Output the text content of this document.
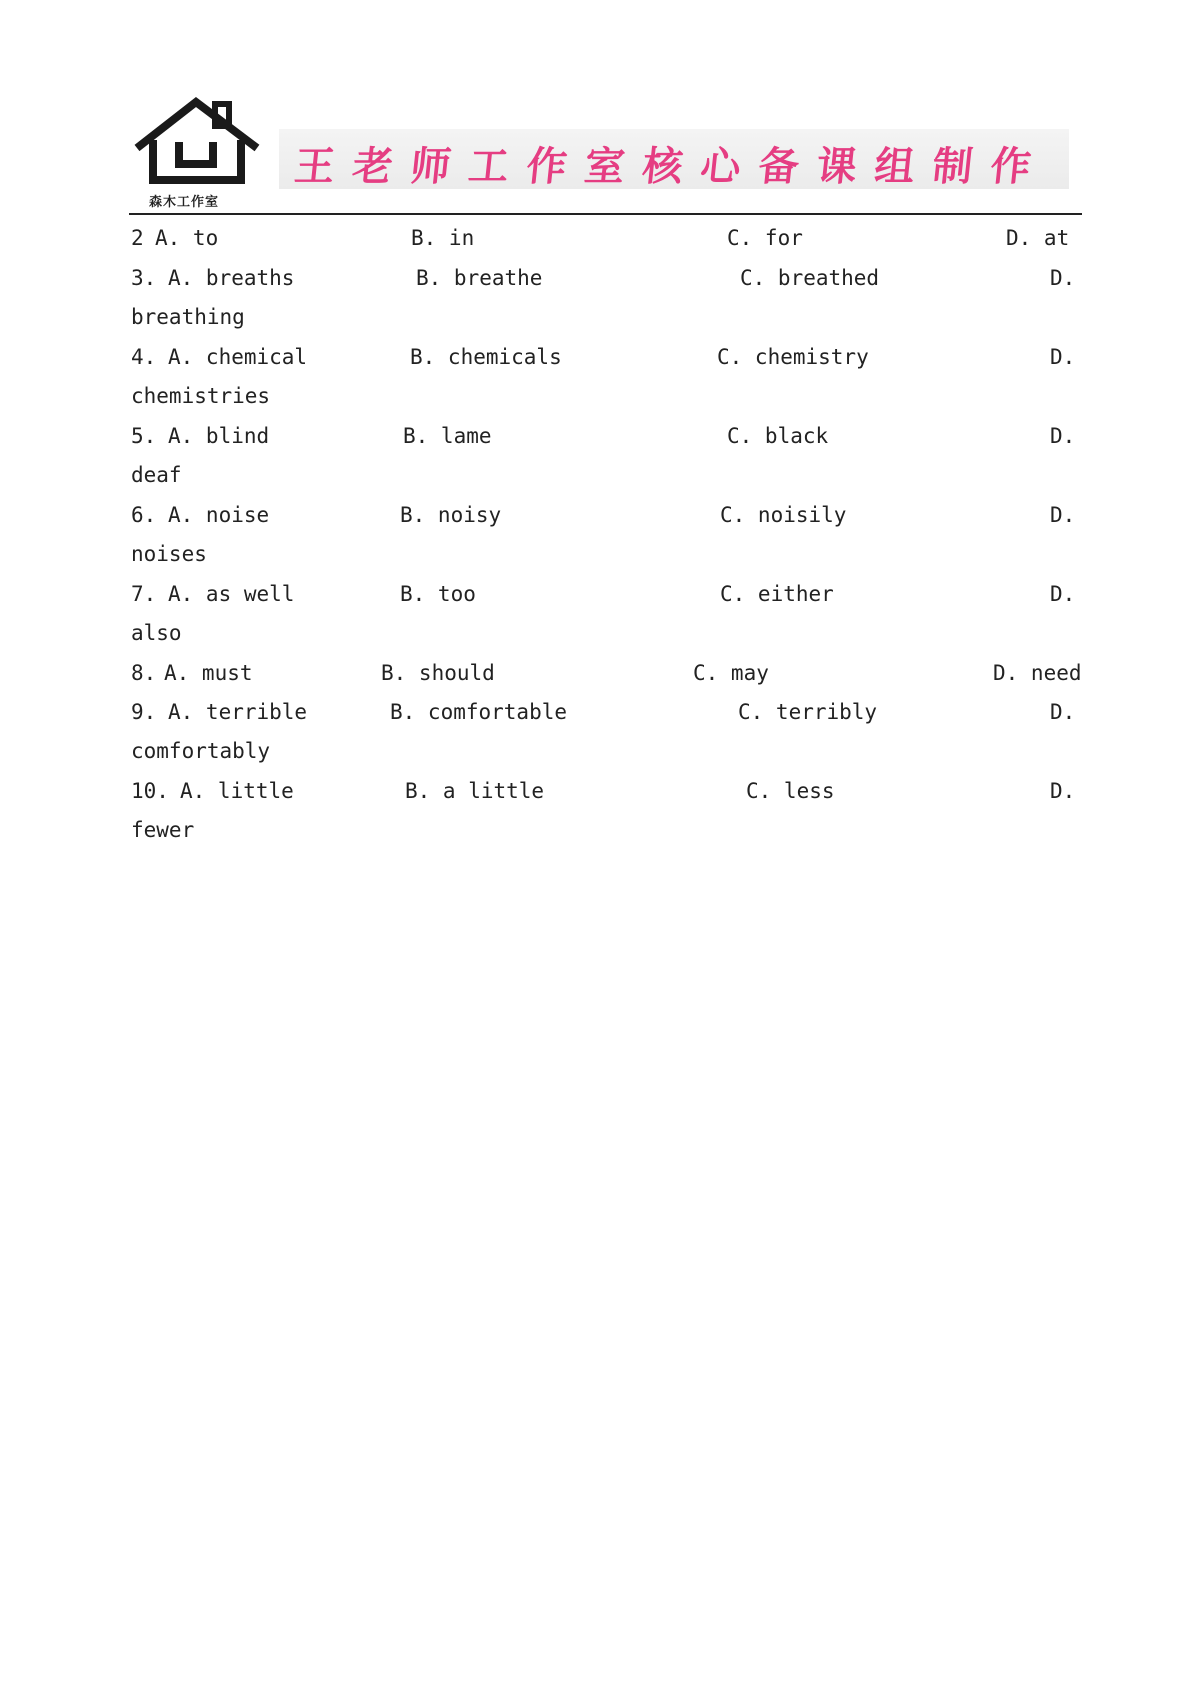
森木工作室
王老师工作室核心备课组制作
2 A. to	B. in	C. for	D. at
3. A. breaths	B. breathe	C. breathed	D.
breathing
4. A. chemical	B. chemicals	C. chemistry	D.
chemistries
5. A. blind	B. lame	C. black	D.
deaf
6. A. noise	B. noisy	C. noisily	D.
noises
7. A. as well	B. too	C. either	D.
also
8. A. must	B. should	C. may	D. need
9. A. terrible	B. comfortable	C. terribly	D.
comfortably
10. A. little	B. a little	C. less	D.
fewer
